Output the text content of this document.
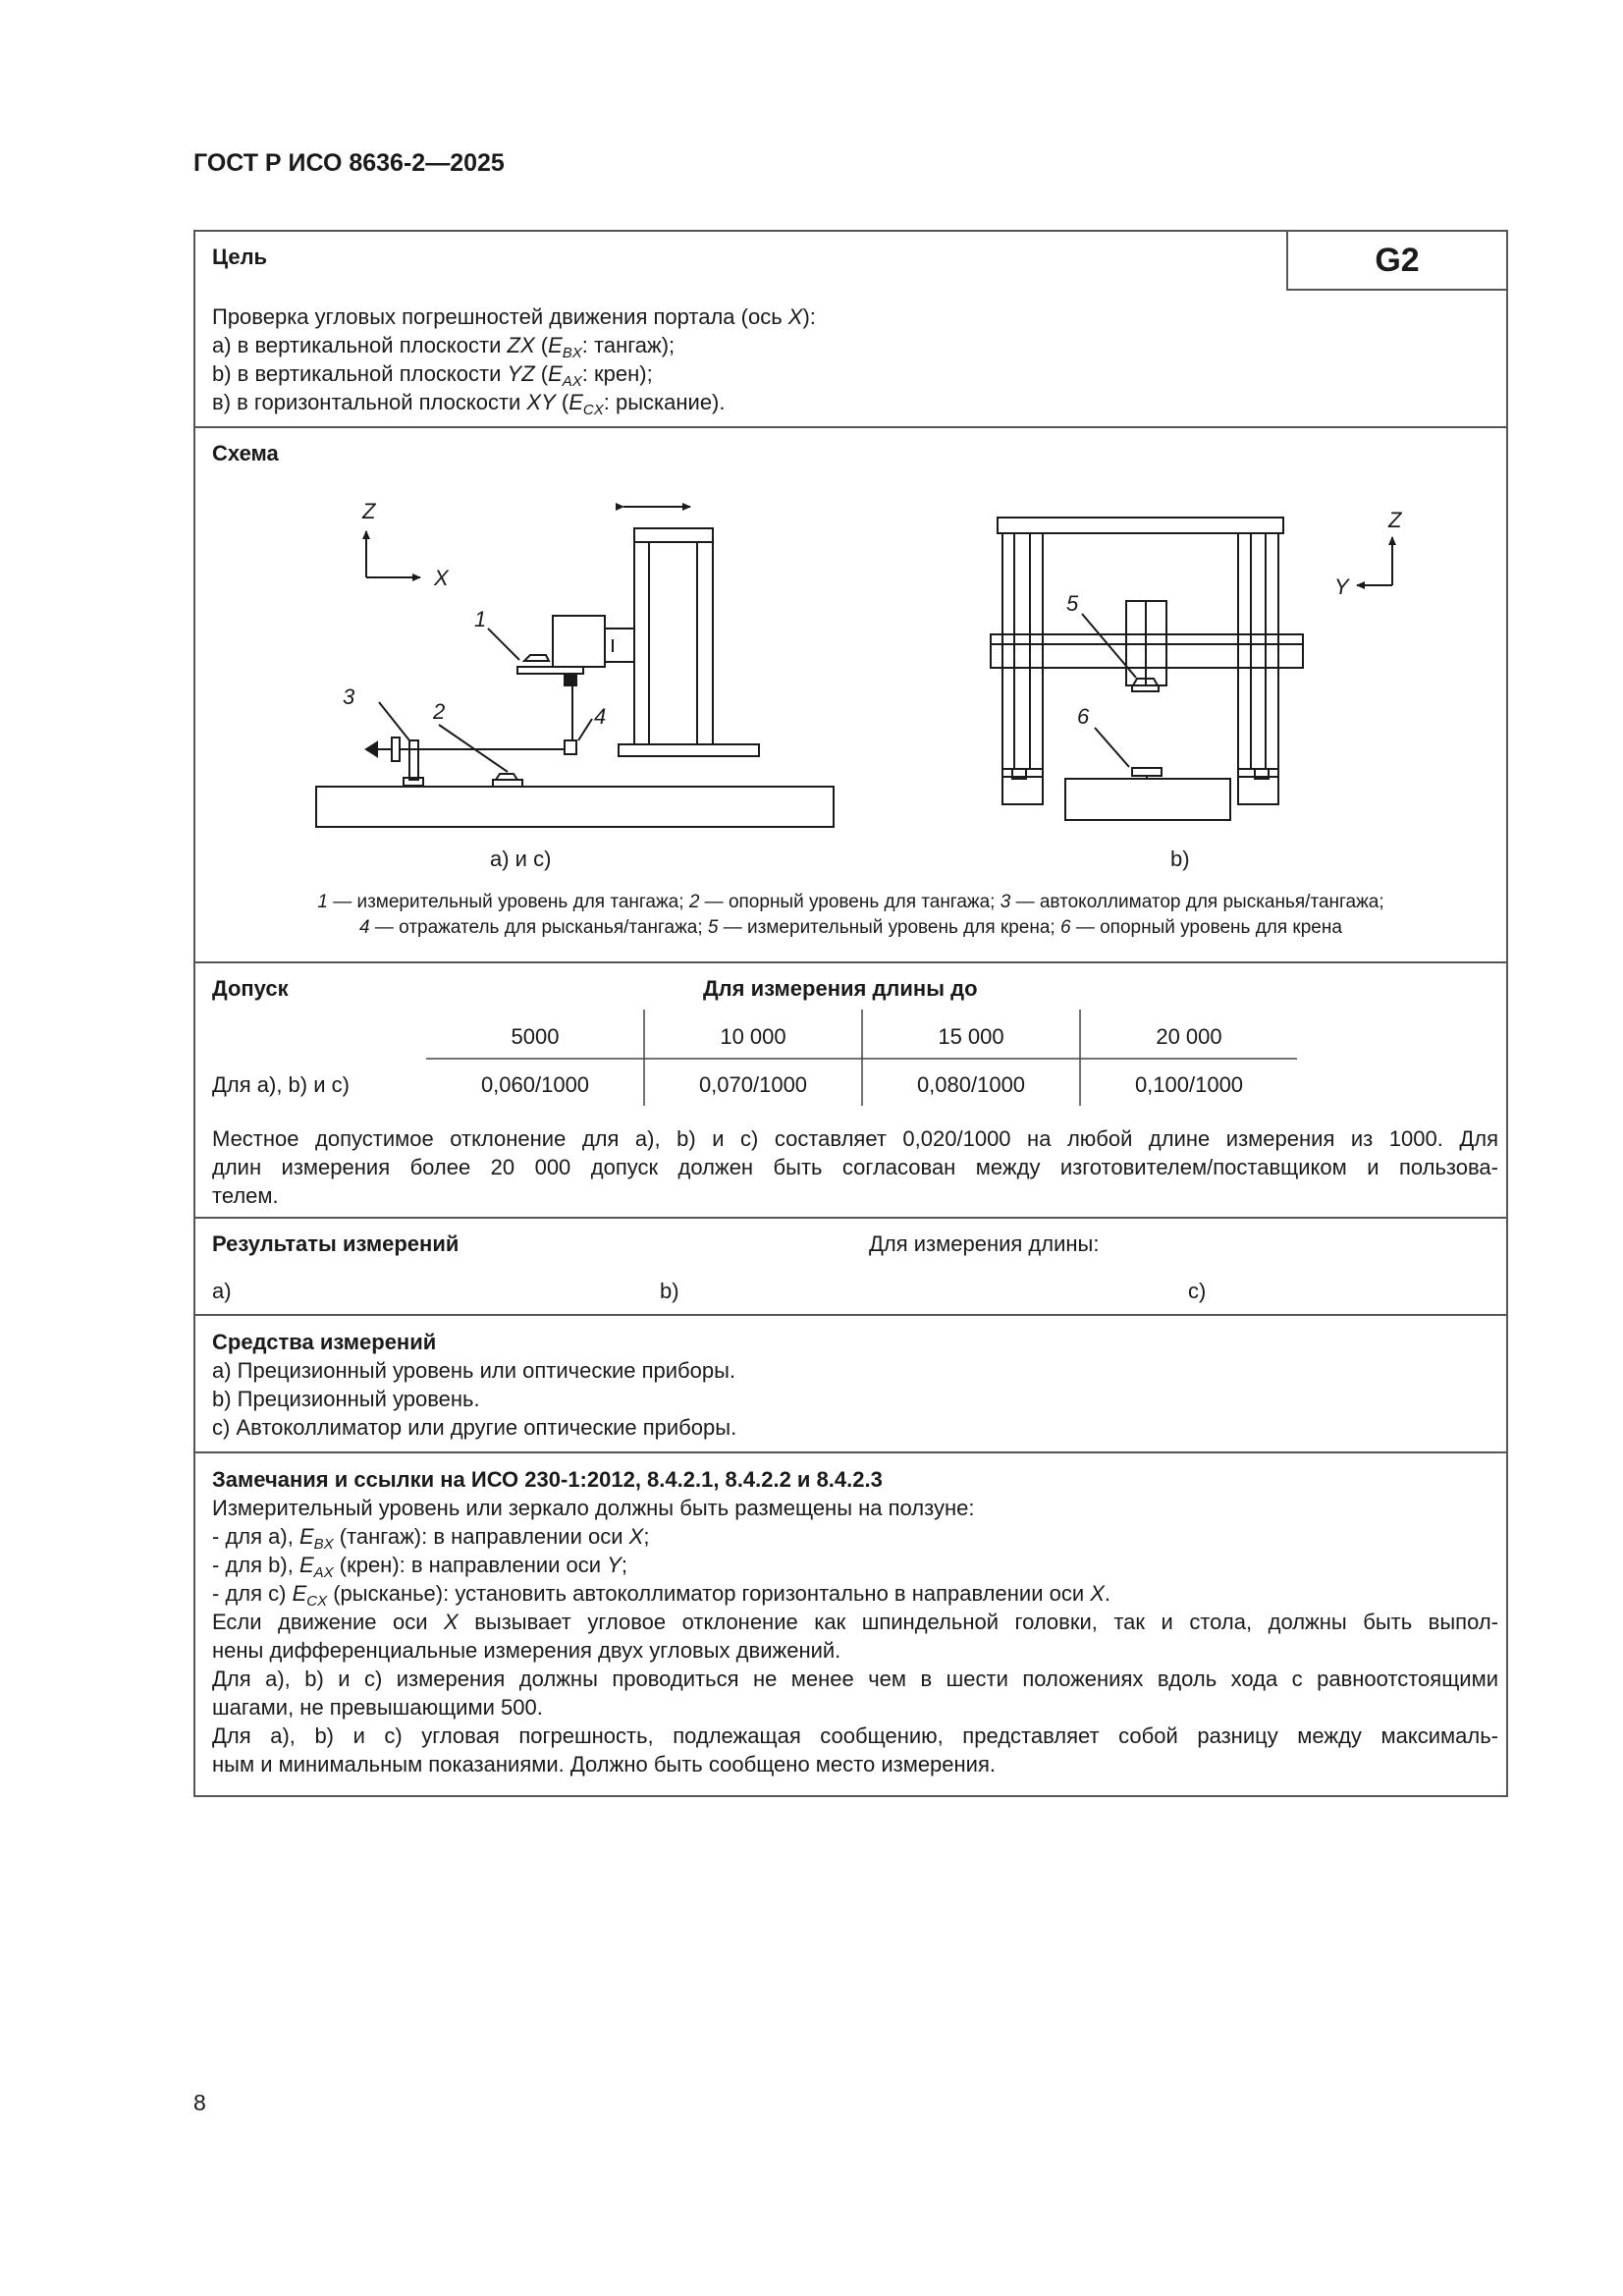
ГОСТ Р ИСО 8636-2—2025
Цель	G2
Проверка угловых погрешностей движения портала (ось X):
а) в вертикальной плоскости ZX ($E_{BX}$: тангаж);
b) в вертикальной плоскости YZ ($E_{AX}$: крен);
в) в горизонтальной плоскости XY ($E_{CX}$: рыскание).
Схема
Z
X
1
2
3
4
Z
Y
5
6
а) и с)	b)
1 — измерительный уровень для тангажа; 2 — опорный уровень для тангажа; 3 — автоколлиматор для рысканья/тангажа;
4 — отражатель для рысканья/тангажа; 5 — измерительный уровень для крена; 6 — опорный уровень для крена
Допуск	Для измерения длины до
5000	10 000	15 000	20 000
Для а), b) и с)	0,060/1000	0,070/1000	0,080/1000	0,100/1000
Местное допустимое отклонение для а), b) и с) составляет 0,020/1000 на любой длине измерения из 1000. Для
длин измерения более 20 000 допуск должен быть согласован между изготовителем/поставщиком и пользова-
телем.
Результаты измерений	Для измерения длины:
а)	b)	с)
Средства измерений
а) Прецизионный уровень или оптические приборы.
b) Прецизионный уровень.
с) Автоколлиматор или другие оптические приборы.
Замечания и ссылки на ИСО 230-1:2012, 8.4.2.1, 8.4.2.2 и 8.4.2.3
Измерительный уровень или зеркало должны быть размещены на ползуне:
- для а), $E_{BX}$ (тангаж): в направлении оси X;
- для b), $E_{AX}$ (крен): в направлении оси Y;
- для с) $E_{CX}$ (рысканье): установить автоколлиматор горизонтально в направлении оси X.
Если движение оси X вызывает угловое отклонение как шпиндельной головки, так и стола, должны быть выпол-
нены дифференциальные измерения двух угловых движений.
Для а), b) и с) измерения должны проводиться не менее чем в шести положениях вдоль хода с равноотстоящими
шагами, не превышающими 500.
Для а), b) и с) угловая погрешность, подлежащая сообщению, представляет собой разницу между максималь-
ным и минимальным показаниями. Должно быть сообщено место измерения.
8
